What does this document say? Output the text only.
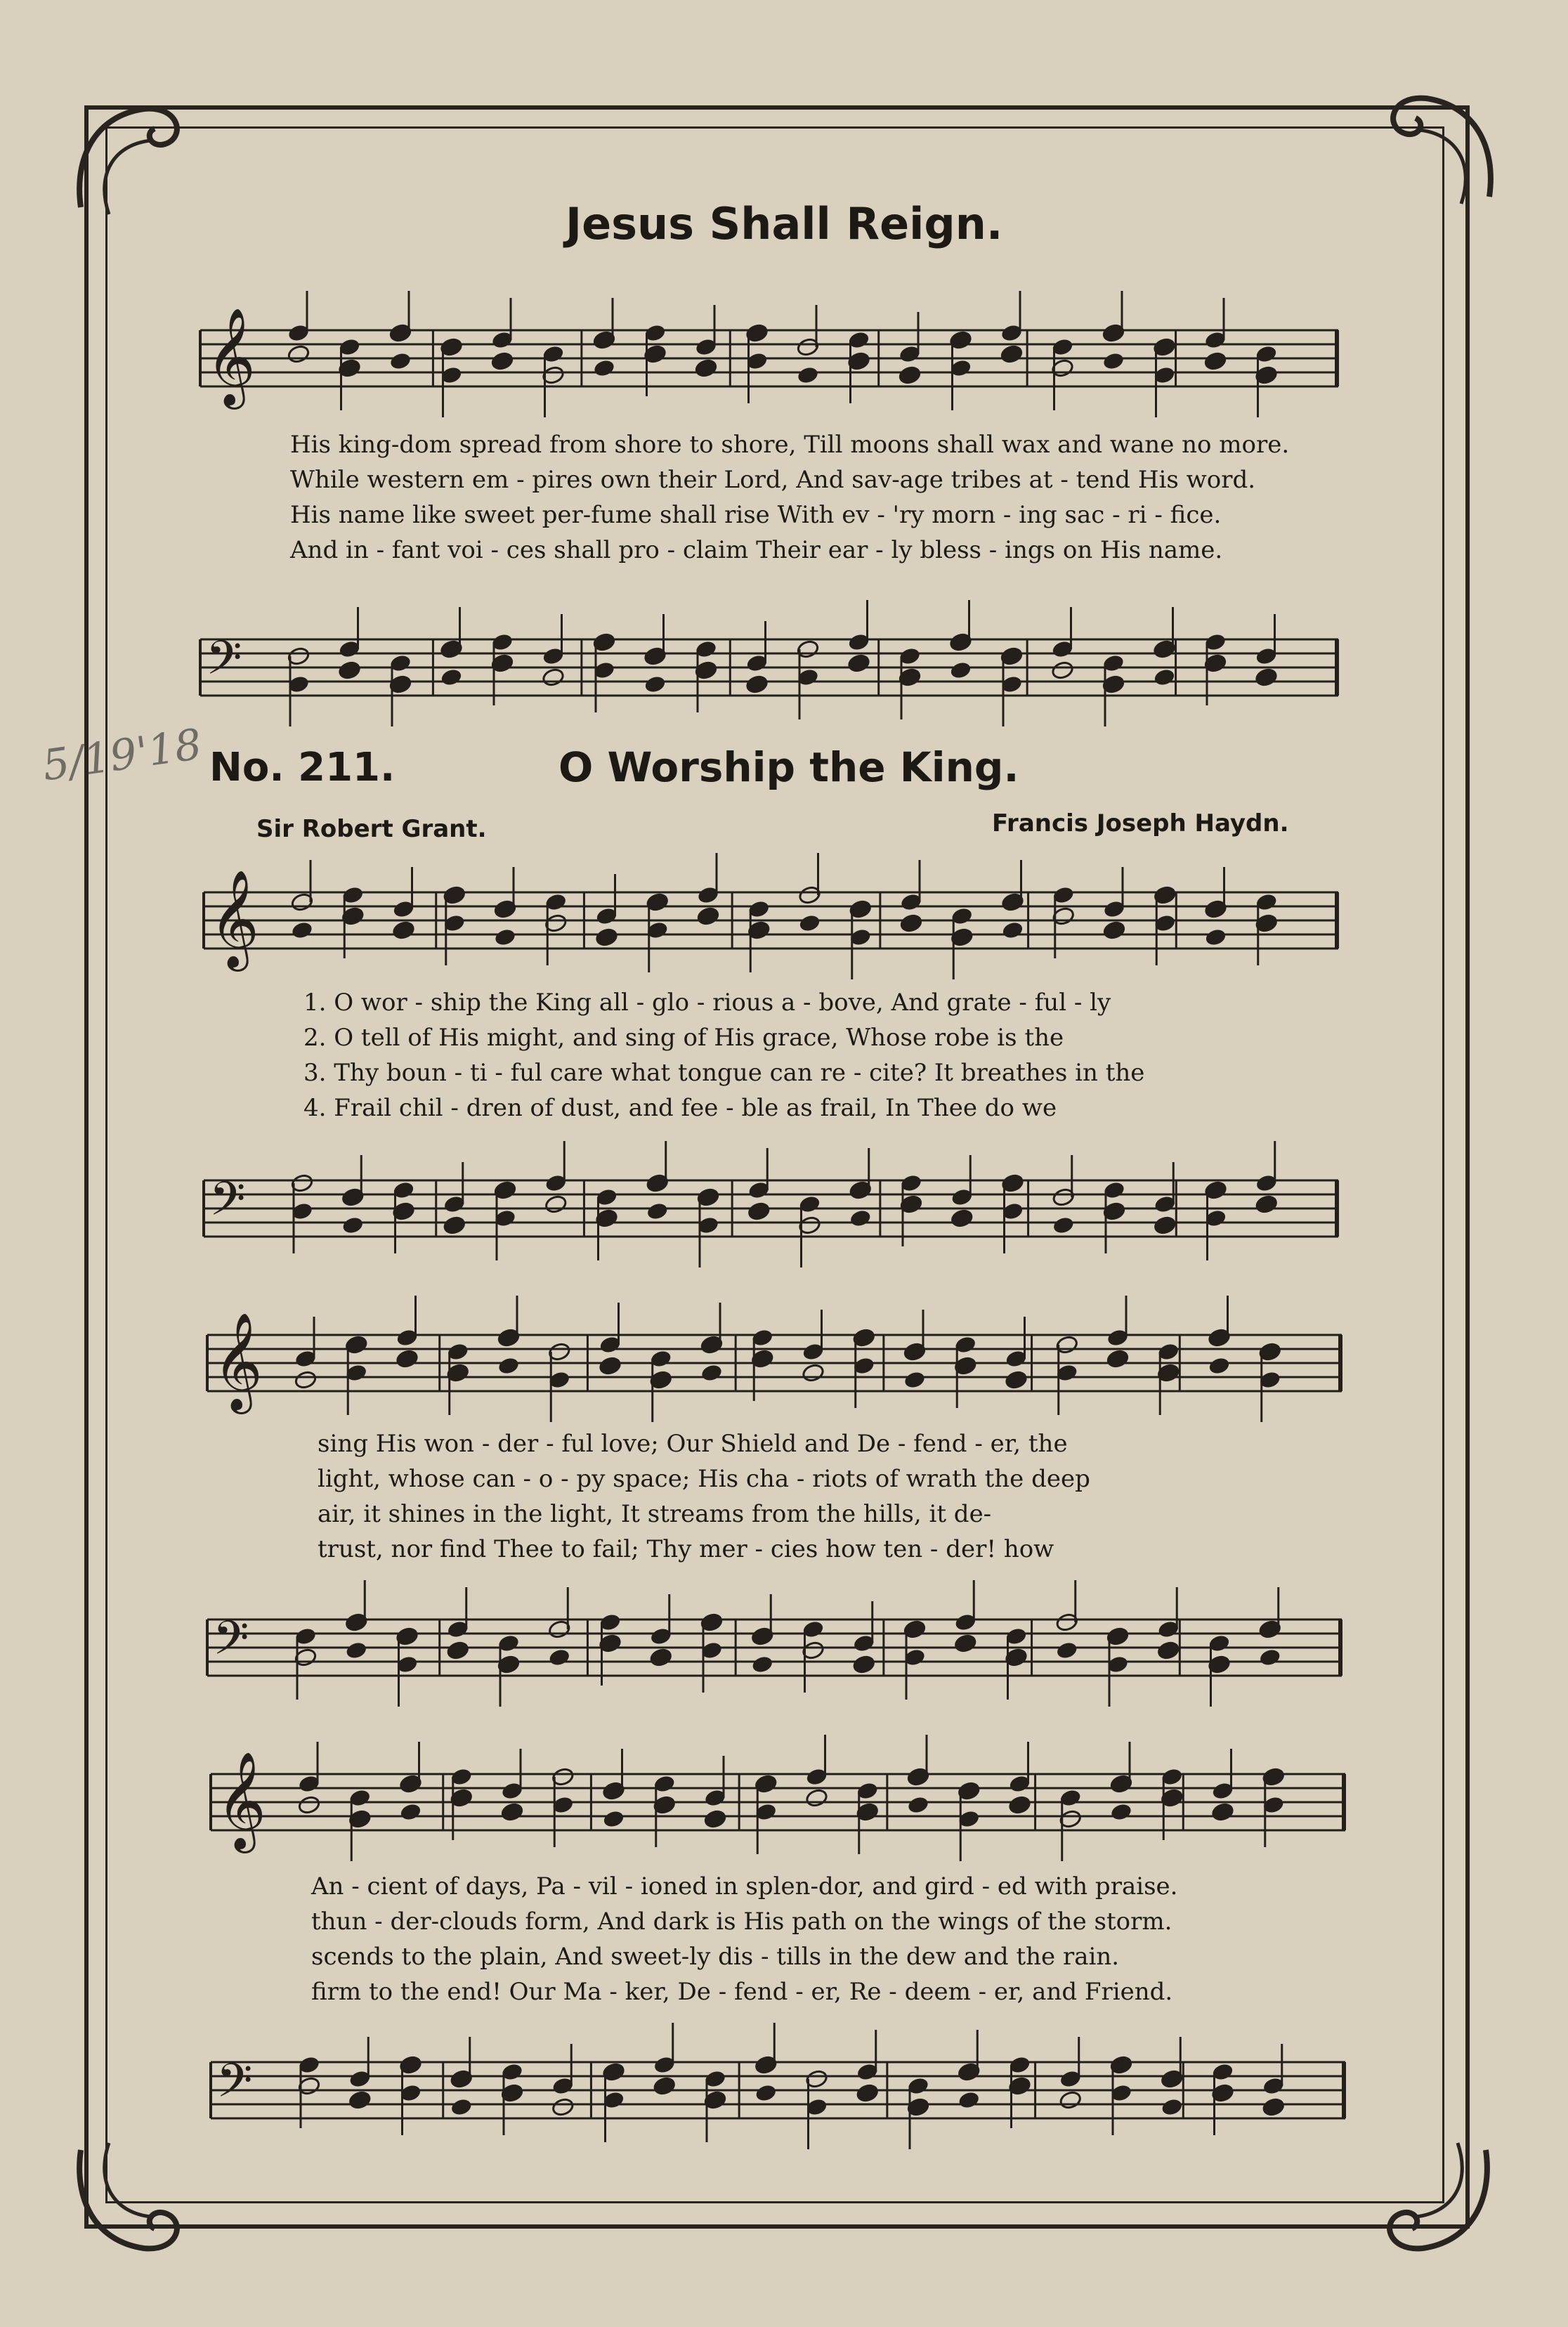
Jesus Shall Reign.
𝄞
His king-dom spread from shore to shore, Till moons shall wax and wane no more.
While western em - pires own their Lord, And sav-age tribes at - tend His word.
His name like sweet per-fume shall rise With ev - 'ry morn - ing sac - ri - fice.
And in - fant voi - ces shall pro - claim Their ear - ly bless - ings on His name.
𝄢
5/19'18 No. 211.	O Worship the King.
Sir Robert Grant.	Francis Joseph Haydn.
𝄞
1. O wor - ship the King all - glo - rious a - bove, And grate - ful - ly
2. O tell of His might, and sing of His grace, Whose robe is the
3. Thy boun - ti - ful care what tongue can re - cite? It breathes in the
4. Frail chil - dren of dust, and fee - ble as frail, In Thee do we
𝄢
𝄞
sing His won - der - ful love; Our Shield and De - fend - er, the
light, whose can - o - py space; His cha - riots of wrath the deep
air, it shines in the light, It streams from the hills, it de-
trust, nor find Thee to fail; Thy mer - cies how ten - der! how
𝄢
𝄞
An - cient of days, Pa - vil - ioned in splen-dor, and gird - ed with praise.
thun - der-clouds form, And dark is His path on the wings of the storm.
scends to the plain, And sweet-ly dis - tills in the dew and the rain.
firm to the end! Our Ma - ker, De - fend - er, Re - deem - er, and Friend.
𝄢
